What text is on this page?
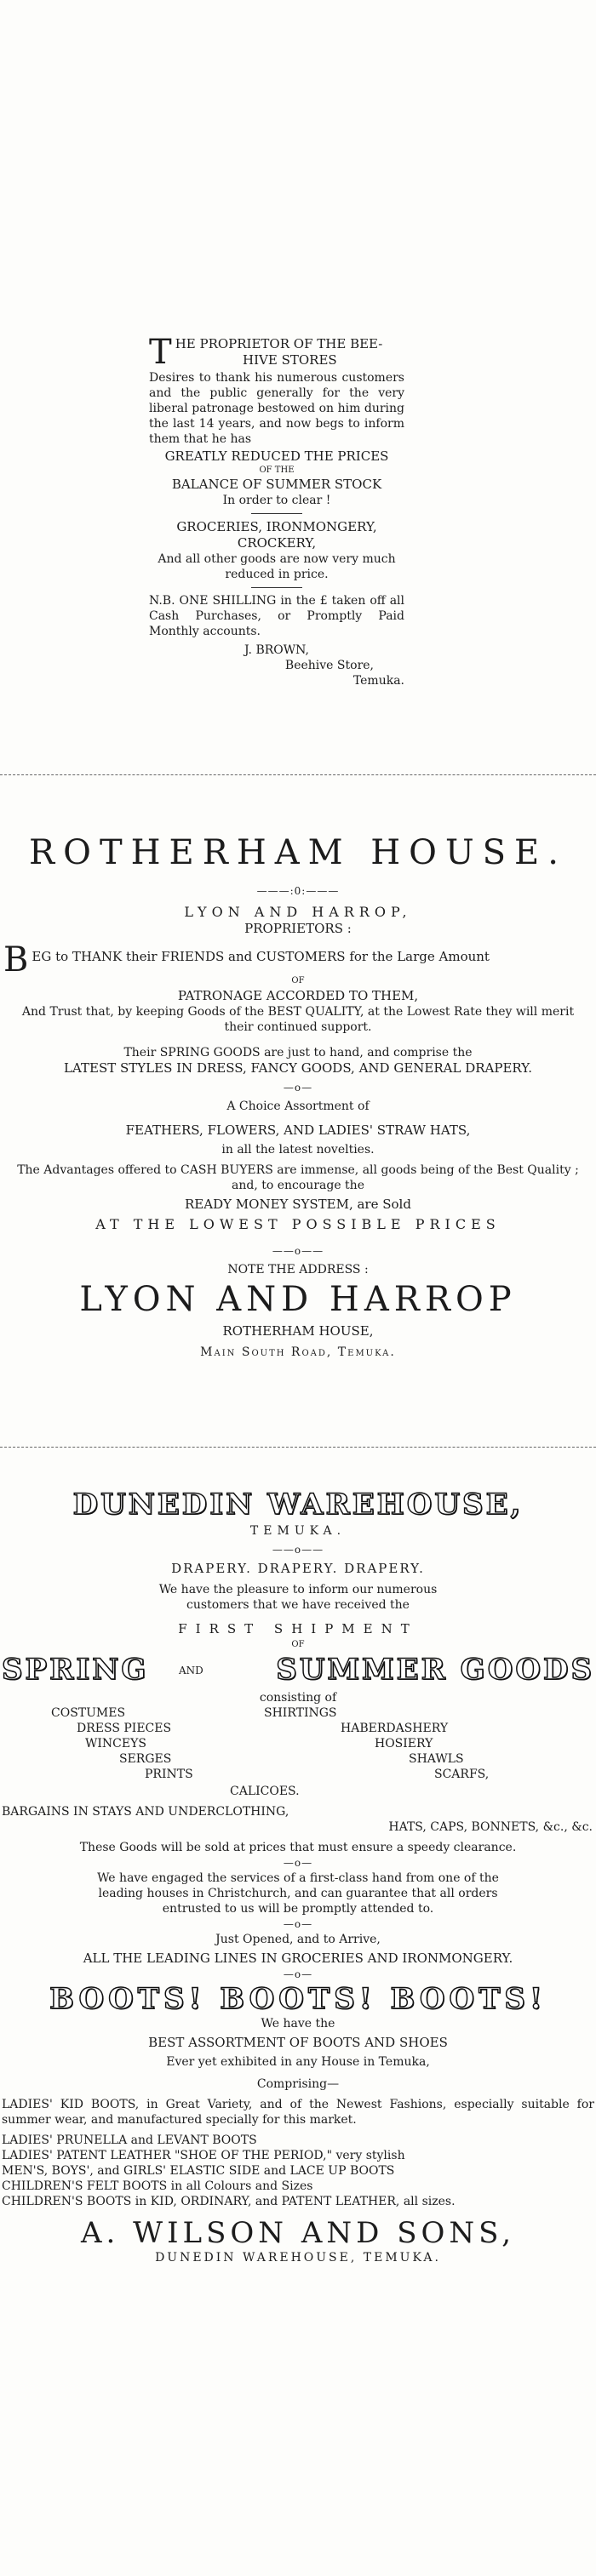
T HE PROPRIETOR OF THE BEE-

HIVE STORES

Desires to thank his numerous customers and the public generally for the very liberal patronage bestowed on him during the last 14 years, and now begs to inform them that he has

GREATLY REDUCED THE PRICES

OF THE

BALANCE OF SUMMER STOCK

In order to clear !

GROCERIES, IRONMONGERY,

CROCKERY,

And all other goods are now very much reduced in price.

N.B. ONE SHILLING in the £ taken off all Cash Purchases, or Promptly Paid Monthly accounts.

J. BROWN,

Beehive Store,

Temuka.

ROTHERHAM HOUSE.

———:0:———

LYON AND HARROP,

PROPRIETORS :

B EG to THANK their FRIENDS and CUSTOMERS for the Large Amount

OF

PATRONAGE ACCORDED TO THEM,

And Trust that, by keeping Goods of the BEST QUALITY, at the Lowest Rate they will merit their continued support.

Their SPRING GOODS are just to hand, and comprise the

LATEST STYLES IN DRESS, FANCY GOODS, AND GENERAL DRAPERY.

—o—

A Choice Assortment of

FEATHERS, FLOWERS, AND LADIES' STRAW HATS,

in all the latest novelties.

The Advantages offered to CASH BUYERS are immense, all goods being of the Best Quality ; and, to encourage the

READY MONEY SYSTEM, are Sold

AT THE LOWEST POSSIBLE PRICES

——o——

NOTE THE ADDRESS :

LYON AND HARROP

ROTHERHAM HOUSE,

Main South Road, Temuka.

DUNEDIN WAREHOUSE,

TEMUKA.

——o——

DRAPERY. DRAPERY. DRAPERY.

We have the pleasure to inform our numerous customers that we have received the

FIRST SHIPMENT

OF

SPRING	AND	SUMMER GOODS

consisting of

COSTUMES

DRESS PIECES

WINCEYS

SERGES

PRINTS

SHIRTINGS

HABERDASHERY

HOSIERY

SHAWLS

SCARFS,

CALICOES.

BARGAINS IN STAYS AND UNDERCLOTHING,

HATS, CAPS, BONNETS, &c., &c.

These Goods will be sold at prices that must ensure a speedy clearance.

—o—

We have engaged the services of a first-class hand from one of the leading houses in Christchurch, and can guarantee that all orders entrusted to us will be promptly attended to.

—o—

Just Opened, and to Arrive,

ALL THE LEADING LINES IN GROCERIES AND IRONMONGERY.

—o—

BOOTS! BOOTS! BOOTS!

We have the

BEST ASSORTMENT OF BOOTS AND SHOES

Ever yet exhibited in any House in Temuka,

Comprising—

LADIES' KID BOOTS, in Great Variety, and of the Newest Fashions, especially suitable for summer wear, and manufactured specially for this market.

LADIES' PRUNELLA and LEVANT BOOTS

LADIES' PATENT LEATHER "SHOE OF THE PERIOD," very stylish

MEN'S, BOYS', and GIRLS' ELASTIC SIDE and LACE UP BOOTS

CHILDREN'S FELT BOOTS in all Colours and Sizes

CHILDREN'S BOOTS in KID, ORDINARY, and PATENT LEATHER, all sizes.

A. WILSON AND SONS,

DUNEDIN WAREHOUSE, TEMUKA.
